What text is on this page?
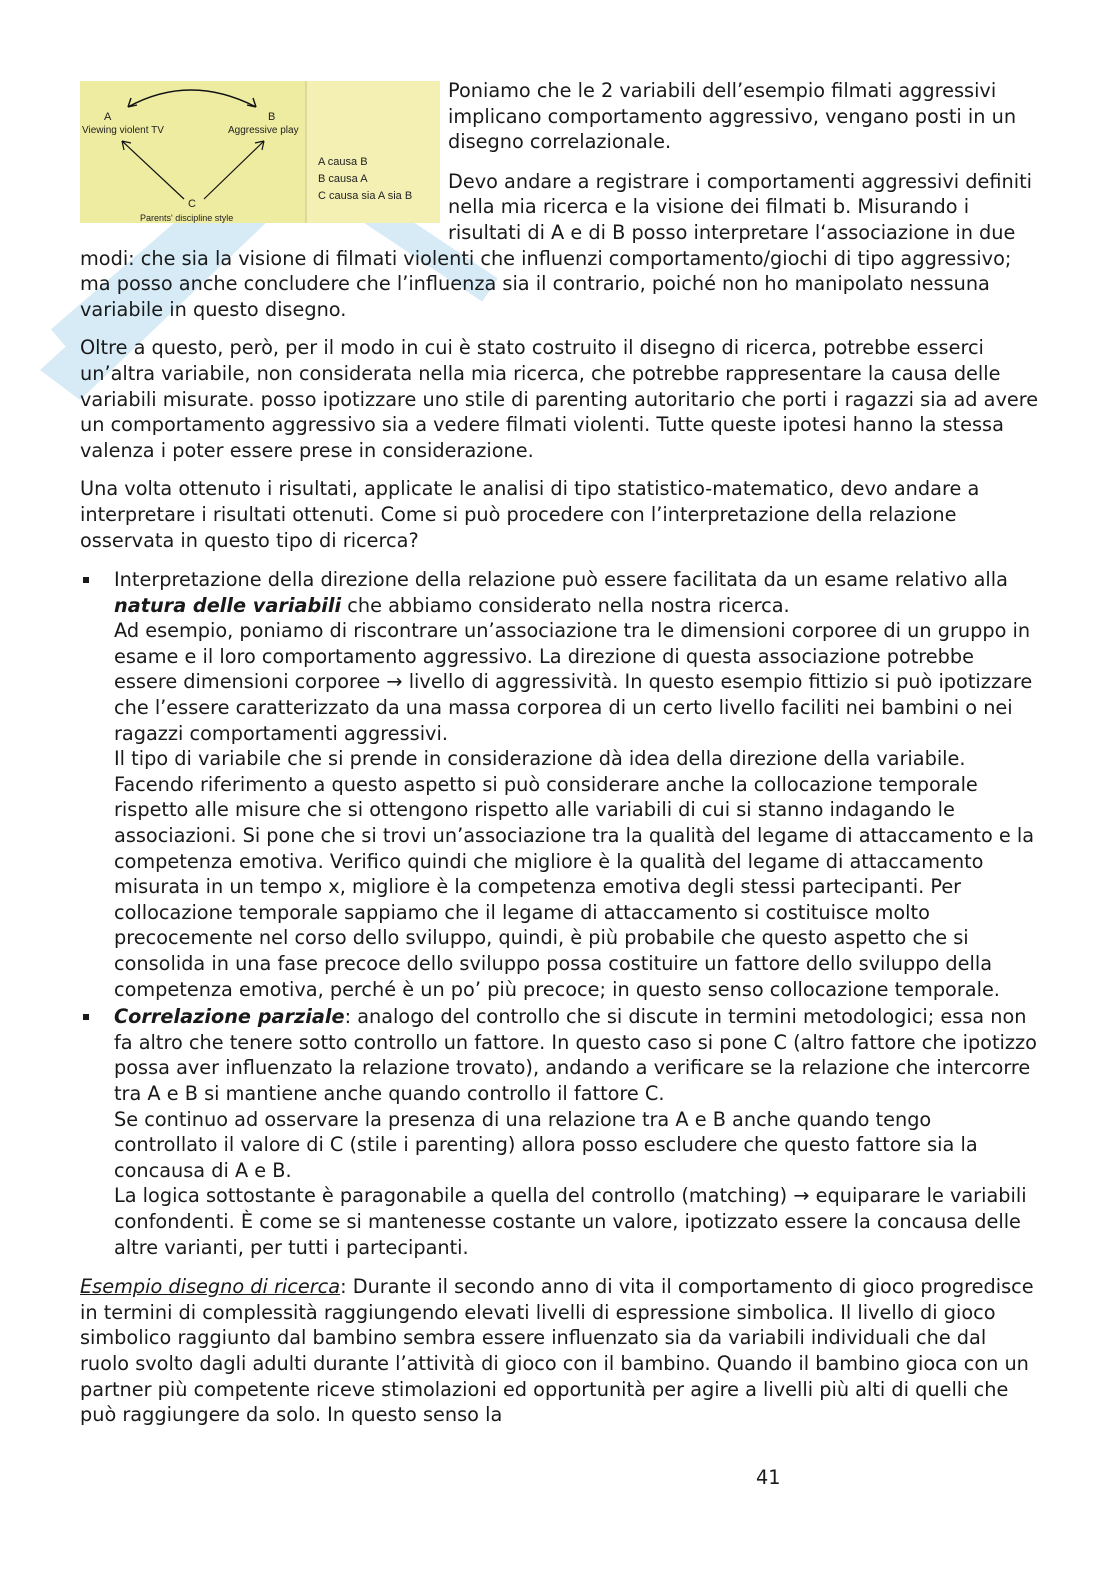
A
Viewing violent TV
B
Aggressive play
C
Parents' discipline style
A causa B
B causa A
C causa sia A sia B
Poniamo che le 2 variabili dell’esempio filmati aggressivi implicano comportamento aggressivo, vengano posti in un disegno correlazionale.

Devo andare a registrare i comportamenti aggressivi definiti nella mia ricerca e la visione dei filmati b. Misurando i risultati di A e di B posso interpretare l‘associazione in due modi: che sia la visione di filmati violenti che influenzi comportamento/giochi di tipo aggressivo; ma posso anche concludere che l’influenza sia il contrario, poiché non ho manipolato nessuna variabile in questo disegno.

Oltre a questo, però, per il modo in cui è stato costruito il disegno di ricerca, potrebbe esserci un’altra variabile, non considerata nella mia ricerca, che potrebbe rappresentare la causa delle variabili misurate. posso ipotizzare uno stile di parenting autoritario che porti i ragazzi sia ad avere un comportamento aggressivo sia a vedere filmati violenti. Tutte queste ipotesi hanno la stessa valenza i poter essere prese in considerazione.

Una volta ottenuto i risultati, applicate le analisi di tipo statistico-matematico, devo andare a interpretare i risultati ottenuti. Come si può procedere con l’interpretazione della relazione osservata in questo tipo di ricerca?

Interpretazione della direzione della relazione può essere facilitata da un esame relativo alla natura delle variabili che abbiamo considerato nella nostra ricerca.
Ad esempio, poniamo di riscontrare un’associazione tra le dimensioni corporee di un gruppo in esame e il loro comportamento aggressivo. La direzione di questa associazione potrebbe essere dimensioni corporee → livello di aggressività. In questo esempio fittizio si può ipotizzare che l’essere caratterizzato da una massa corporea di un certo livello faciliti nei bambini o nei ragazzi comportamenti aggressivi.
Il tipo di variabile che si prende in considerazione dà idea della direzione della variabile. Facendo riferimento a questo aspetto si può considerare anche la collocazione temporale rispetto alle misure che si ottengono rispetto alle variabili di cui si stanno indagando le associazioni. Si pone che si trovi un’associazione tra la qualità del legame di attaccamento e la competenza emotiva. Verifico quindi che migliore è la qualità del legame di attaccamento misurata in un tempo x, migliore è la competenza emotiva degli stessi partecipanti. Per collocazione temporale sappiamo che il legame di attaccamento si costituisce molto precocemente nel corso dello sviluppo, quindi, è più probabile che questo aspetto che si consolida in una fase precoce dello sviluppo possa costituire un fattore dello sviluppo della competenza emotiva, perché è un po’ più precoce; in questo senso collocazione temporale.
Correlazione parziale: analogo del controllo che si discute in termini metodologici; essa non fa altro che tenere sotto controllo un fattore. In questo caso si pone C (altro fattore che ipotizzo possa aver influenzato la relazione trovato), andando a verificare se la relazione che intercorre tra A e B si mantiene anche quando controllo il fattore C.
Se continuo ad osservare la presenza di una relazione tra A e B anche quando tengo controllato il valore di C (stile i parenting) allora posso escludere che questo fattore sia la concausa di A e B.
La logica sottostante è paragonabile a quella del controllo (matching) → equiparare le variabili confondenti. È come se si mantenesse costante un valore, ipotizzato essere la concausa delle altre varianti, per tutti i partecipanti.

Esempio disegno di ricerca: Durante il secondo anno di vita il comportamento di gioco progredisce in termini di complessità raggiungendo elevati livelli di espressione simbolica. Il livello di gioco simbolico raggiunto dal bambino sembra essere influenzato sia da variabili individuali che dal ruolo svolto dagli adulti durante l’attività di gioco con il bambino. Quando il bambino gioca con un partner più competente riceve stimolazioni ed opportunità per agire a livelli più alti di quelli che può raggiungere da solo. In questo senso la

41
